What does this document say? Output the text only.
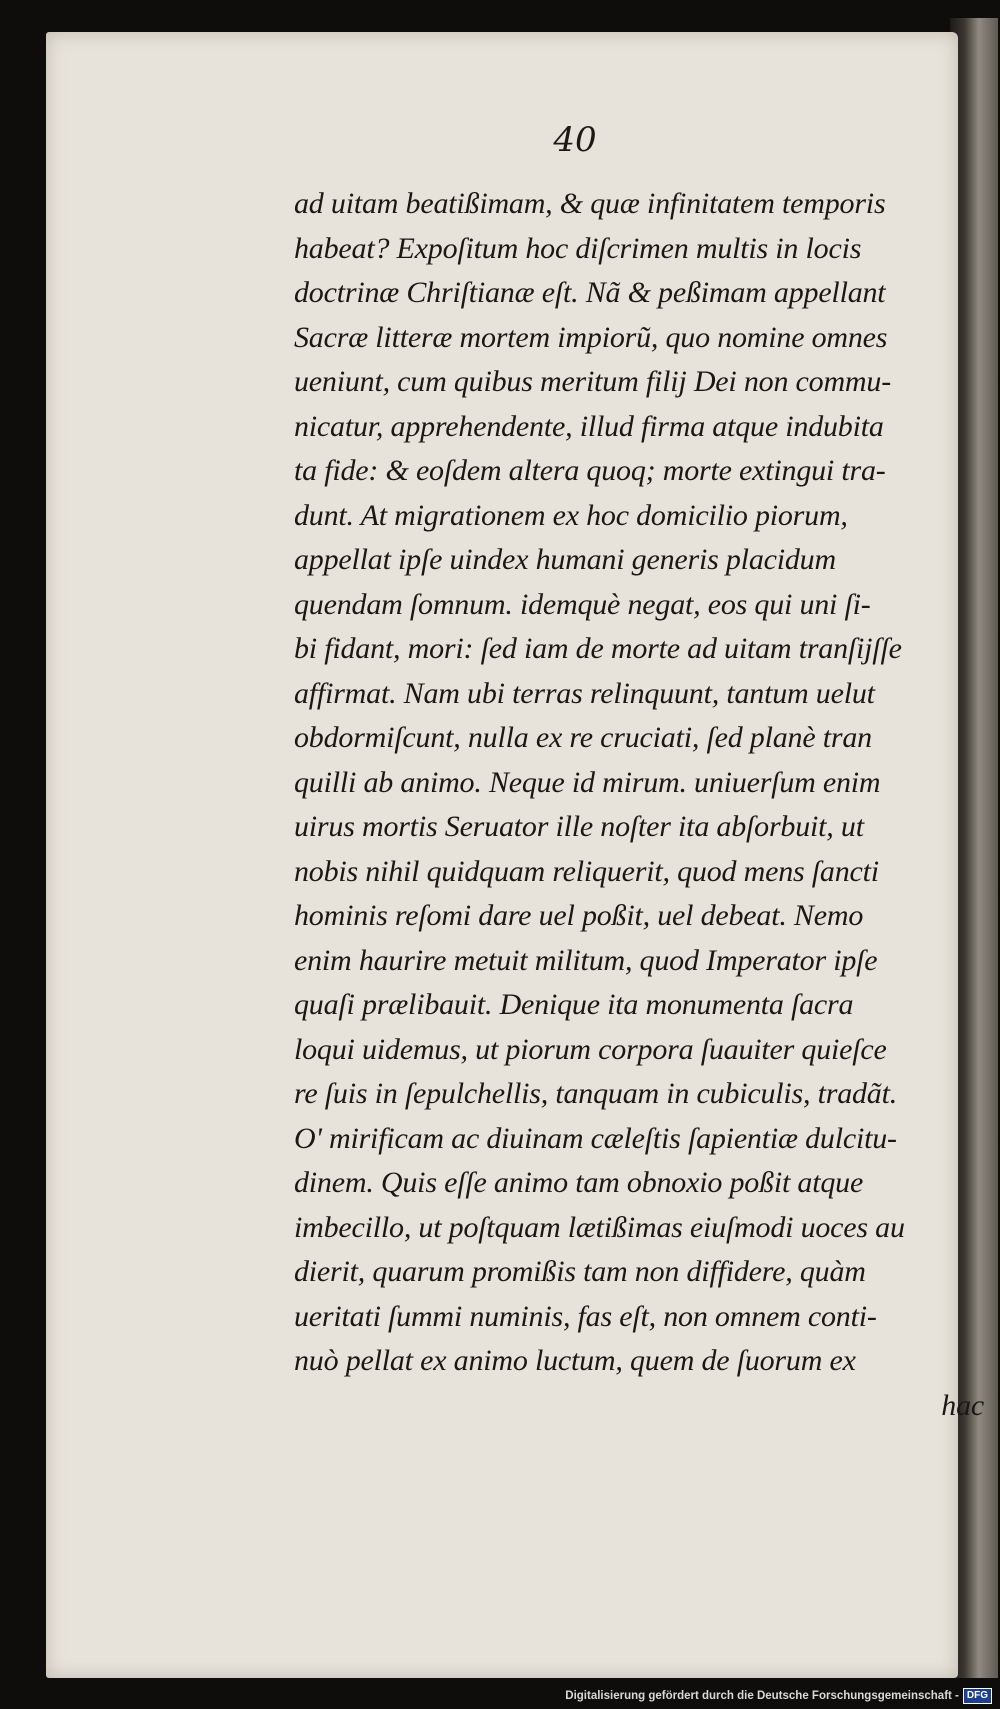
40
ad uitam beatißimam, & quæ infinitatem temporis
habeat? Expoſitum hoc diſcrimen multis in locis
doctrinæ Chriſtianæ eſt. Nã & peßimam appellant
Sacræ litteræ mortem impiorũ, quo nomine omnes
ueniunt, cum quibus meritum filij Dei non commu-
nicatur, apprehendente, illud firma atque indubita
ta fide: & eoſdem altera quoq; morte extingui tra-
dunt. At migrationem ex hoc domicilio piorum,
appellat ipſe uindex humani generis placidum
quendam ſomnum. idemquè negat, eos qui uni ſi-
bi fidant, mori: ſed iam de morte ad uitam tranſijſſe
affirmat. Nam ubi terras relinquunt, tantum uelut
obdormiſcunt, nulla ex re cruciati, ſed planè tran
quilli ab animo. Neque id mirum. uniuerſum enim
uirus mortis Seruator ille noſter ita abſorbuit, ut
nobis nihil quidquam reliquerit, quod mens ſancti
hominis reſomi dare uel poßit, uel debeat. Nemo
enim haurire metuit militum, quod Imperator ipſe
quaſi prælibauit. Denique ita monumenta ſacra
loqui uidemus, ut piorum corpora ſuauiter quieſce
re ſuis in ſepulchellis, tanquam in cubiculis, tradãt.
O' mirificam ac diuinam cæleſtis ſapientiæ dulcitu-
dinem. Quis eſſe animo tam obnoxio poßit atque
imbecillo, ut poſtquam lætißimas eiuſmodi uoces au
dierit, quarum promißis tam non diffidere, quàm
ueritati ſummi numinis, fas eſt, non omnem conti-
nuò pellat ex animo luctum, quem de ſuorum ex
hac
Digitalisierung gefördert durch die Deutsche Forschungsgemeinschaft - DFG
